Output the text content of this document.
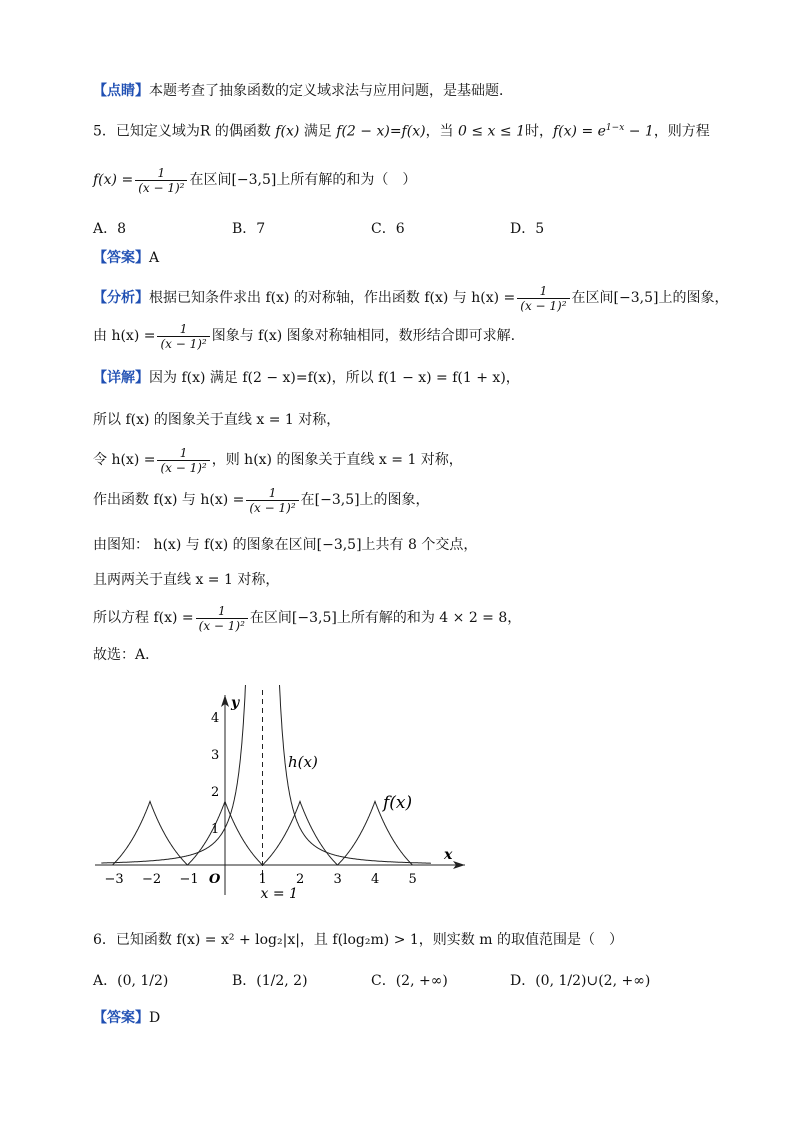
【点睛】本题考查了抽象函数的定义域求法与应用问题，是基础题．
5．已知定义域为R 的偶函数 f(x) 满足 f(2 − x)=f(x)，当 0 ≤ x ≤ 1时，$f(x) = e^{1-x} - 1$，则方程
$f(x) = \frac{1}{\text{(x − 1)²}}$ 在区间[−3,5]上所有解的和为（　）
A．8	B．7	C．6	D．5
【答案】A
【分析】根据已知条件求出 f(x) 的对称轴，作出函数 f(x) 与 $h(x) = \frac{1}{\text{(x − 1)²}}$ 在区间[−3,5]上的图象，
由 $h(x) = \frac{1}{\text{(x − 1)²}}$ 图象与 f(x) 图象对称轴相同，数形结合即可求解.
【详解】因为 f(x) 满足 f(2 − x)=f(x)，所以 f(1 − x) = f(1 + x)，
所以 f(x) 的图象关于直线 x = 1 对称，
令 $h(x) = \frac{1}{\text{(x − 1)²}}$ ，则 h(x) 的图象关于直线 x = 1 对称，
作出函数 f(x) 与 $h(x) = \frac{1}{\text{(x − 1)²}}$ 在[−3,5]上的图象，
由图知： h(x) 与 f(x) 的图象在区间[−3,5]上共有 8 个交点，
且两两关于直线 x = 1 对称，
所以方程 $f(x) = \frac{1}{\text{(x − 1)²}}$ 在区间[−3,5]上所有解的和为 4 × 2 = 8，
故选：A．
−3 −2 −1 O	1 2 3 4 5
1
2
3
4
x
y
h(x)
f(x)
x = 1
6．已知函数 f(x) = x² + log₂|x|，且 f(log₂m) > 1，则实数 m 的取值范围是（　）
A．(0, 1/2)	B．(1/2, 2)	C．(2, +∞)	D．(0, 1/2)∪(2, +∞)
【答案】D
